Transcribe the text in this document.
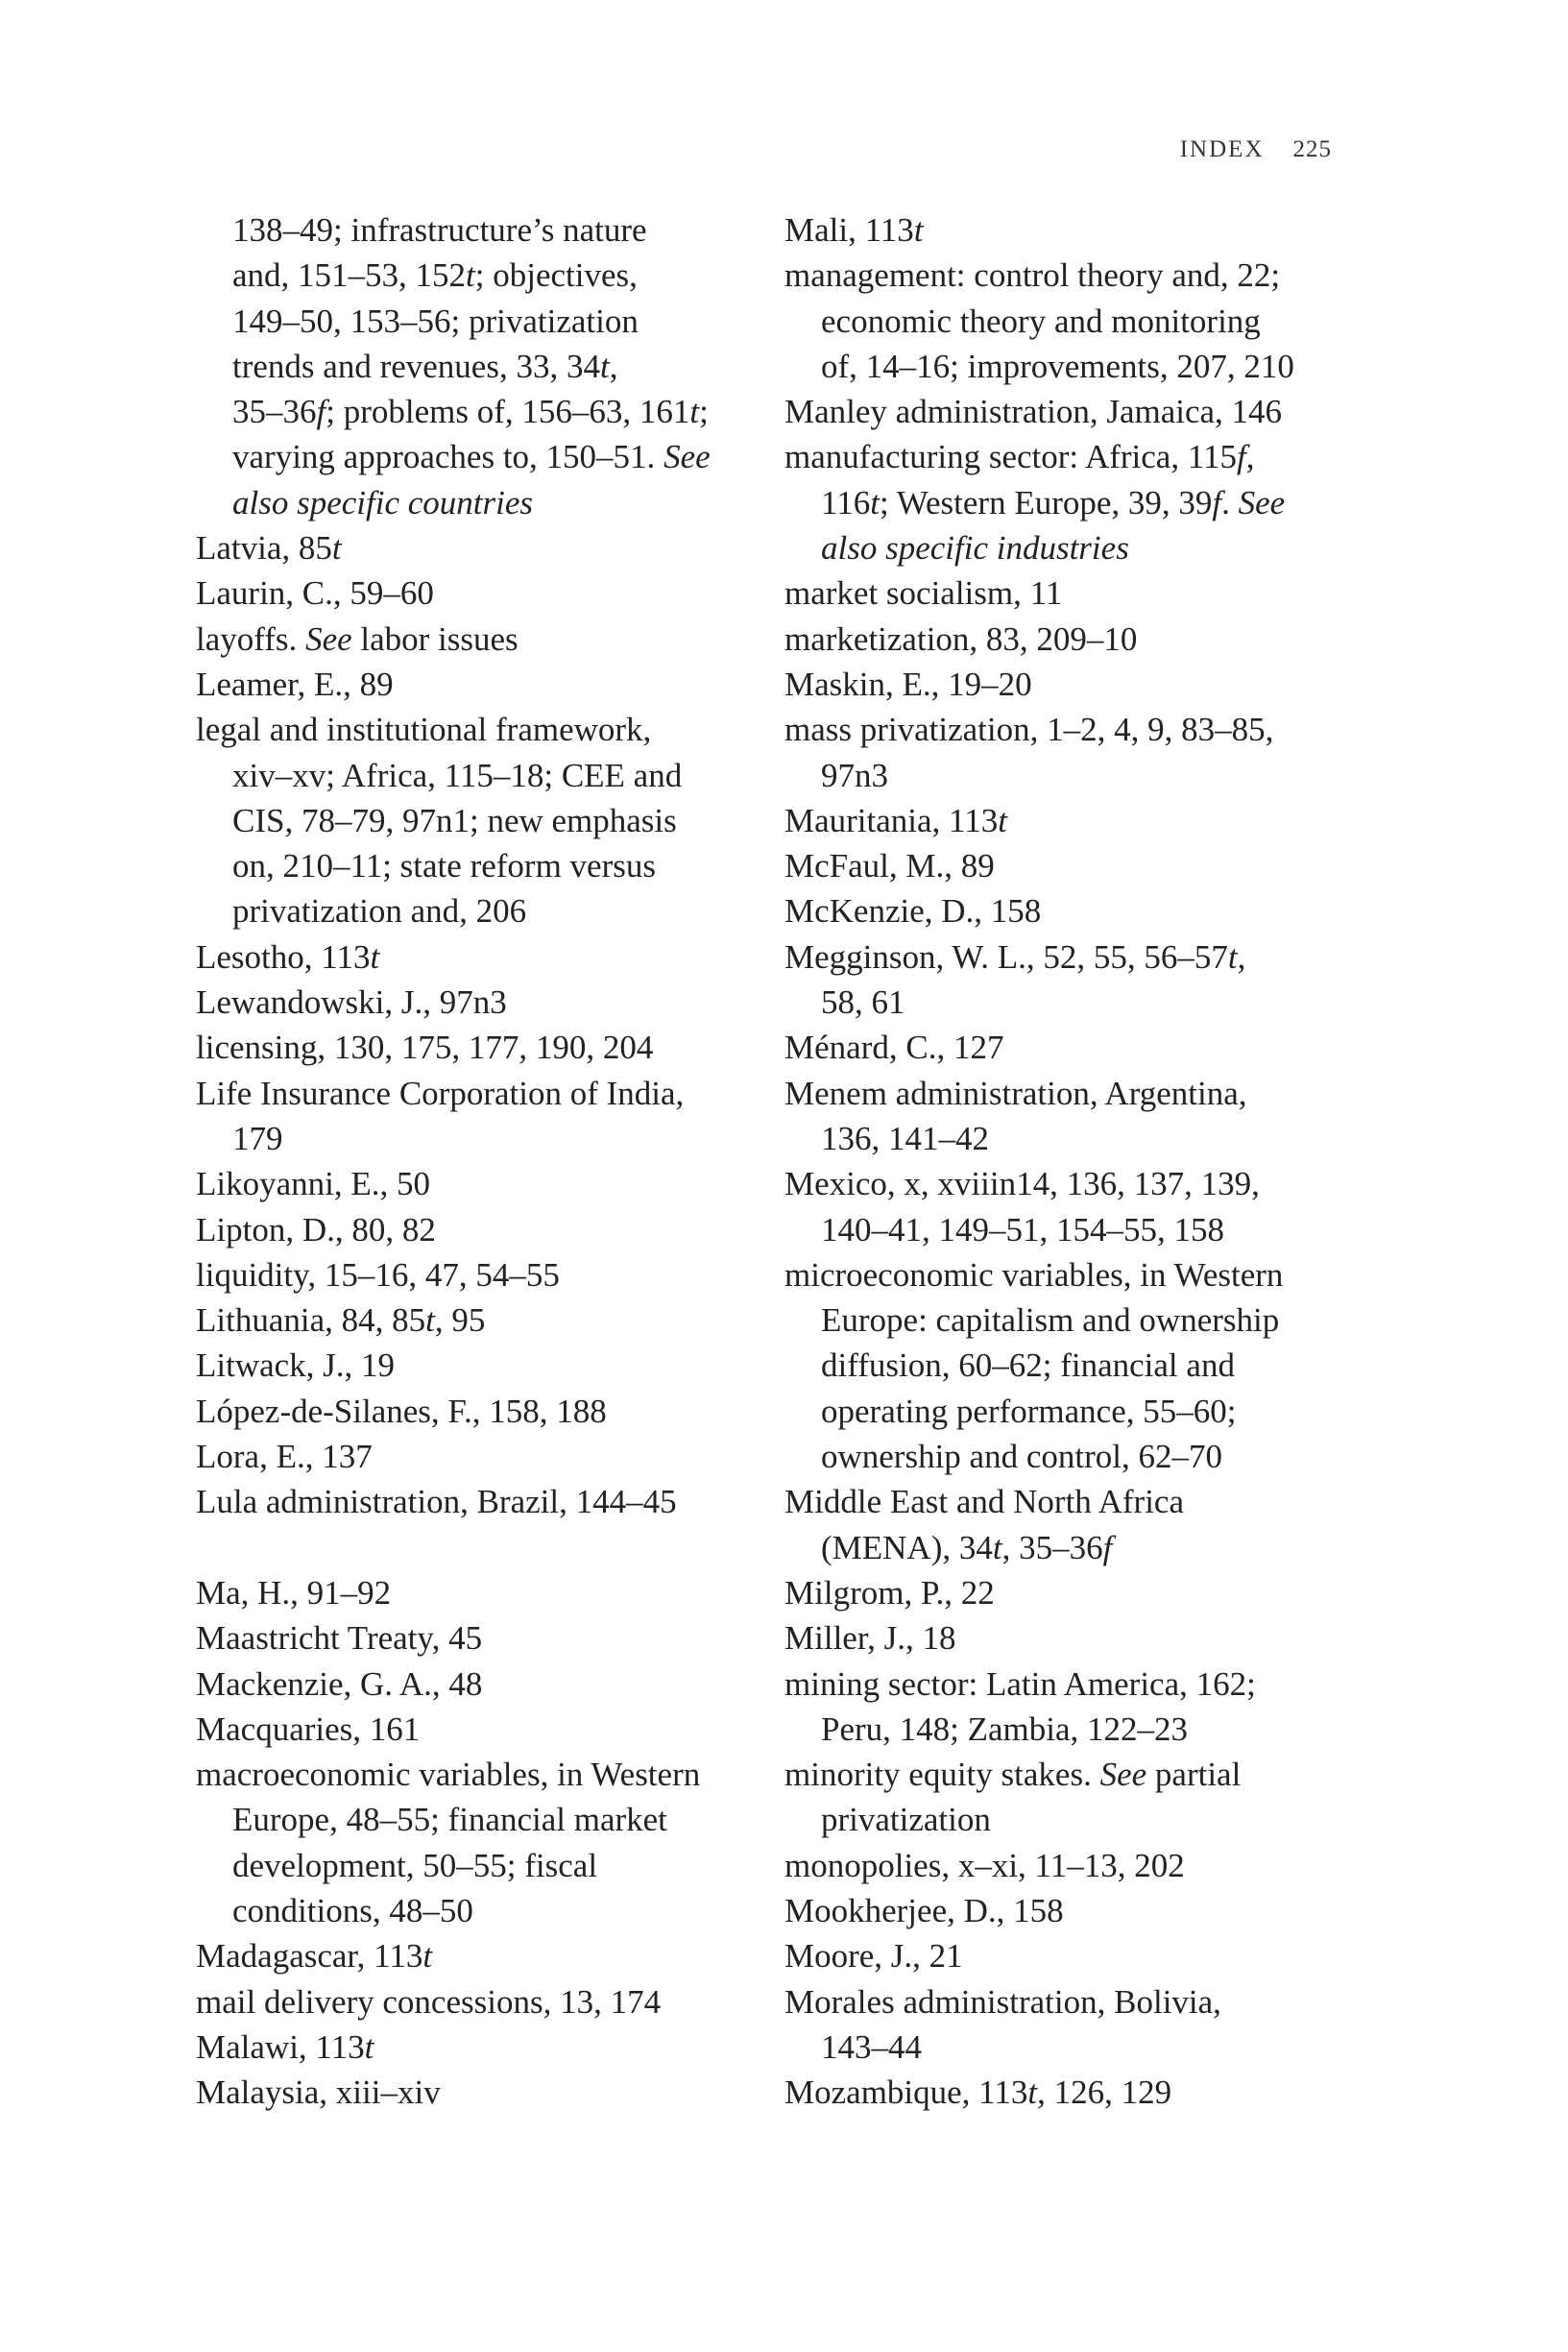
INDEX 225
138–49; infrastructure’s nature
and, 151–53, 152t; objectives,
149–50, 153–56; privatization
trends and revenues, 33, 34t,
35–36f; problems of, 156–63, 161t;
varying approaches to, 150–51. See
also specific countries
Latvia, 85t
Laurin, C., 59–60
layoffs. See labor issues
Leamer, E., 89
legal and institutional framework,
xiv–xv; Africa, 115–18; CEE and
CIS, 78–79, 97n1; new emphasis
on, 210–11; state reform versus
privatization and, 206
Lesotho, 113t
Lewandowski, J., 97n3
licensing, 130, 175, 177, 190, 204
Life Insurance Corporation of India,
179
Likoyanni, E., 50
Lipton, D., 80, 82
liquidity, 15–16, 47, 54–55
Lithuania, 84, 85t, 95
Litwack, J., 19
López-de-Silanes, F., 158, 188
Lora, E., 137
Lula administration, Brazil, 144–45
Ma, H., 91–92
Maastricht Treaty, 45
Mackenzie, G. A., 48
Macquaries, 161
macroeconomic variables, in Western
Europe, 48–55; financial market
development, 50–55; fiscal
conditions, 48–50
Madagascar, 113t
mail delivery concessions, 13, 174
Malawi, 113t
Malaysia, xiii–xiv
Mali, 113t
management: control theory and, 22;
economic theory and monitoring
of, 14–16; improvements, 207, 210
Manley administration, Jamaica, 146
manufacturing sector: Africa, 115f,
116t; Western Europe, 39, 39f. See
also specific industries
market socialism, 11
marketization, 83, 209–10
Maskin, E., 19–20
mass privatization, 1–2, 4, 9, 83–85,
97n3
Mauritania, 113t
McFaul, M., 89
McKenzie, D., 158
Megginson, W. L., 52, 55, 56–57t,
58, 61
Ménard, C., 127
Menem administration, Argentina,
136, 141–42
Mexico, x, xviiin14, 136, 137, 139,
140–41, 149–51, 154–55, 158
microeconomic variables, in Western
Europe: capitalism and ownership
diffusion, 60–62; financial and
operating performance, 55–60;
ownership and control, 62–70
Middle East and North Africa
(MENA), 34t, 35–36f
Milgrom, P., 22
Miller, J., 18
mining sector: Latin America, 162;
Peru, 148; Zambia, 122–23
minority equity stakes. See partial
privatization
monopolies, x–xi, 11–13, 202
Mookherjee, D., 158
Moore, J., 21
Morales administration, Bolivia,
143–44
Mozambique, 113t, 126, 129
